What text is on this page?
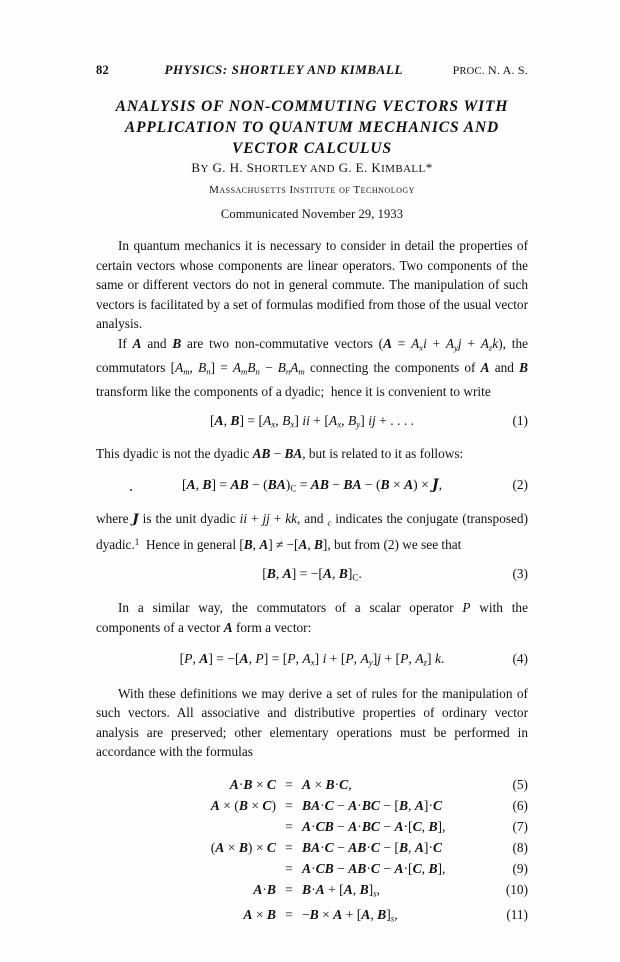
82	PHYSICS: SHORTLEY AND KIMBALL	PROC. N. A. S.
ANALYSIS OF NON-COMMUTING VECTORS WITH
APPLICATION TO QUANTUM MECHANICS AND
VECTOR CALCULUS
BY G. H. SHORTLEY AND G. E. KIMBALL*
Massachusetts Institute of Technology
Communicated November 29, 1933

In quantum mechanics it is necessary to consider in detail the properties of certain vectors whose components are linear operators. Two components of the same or different vectors do not in general commute. The manipulation of such vectors is facilitated by a set of formulas modified from those of the usual vector analysis.

If A and B are two non-commutative vectors $(A = A_xi + A_yj + A_zk)$, the commutators [$A_m$, $B_n] = A_mB_n - B_nA_m$ connecting the components of A and B transform like the components of a dyadic;  hence it is convenient to write

[A, $B] = [A_x$, $B_x$] ii + [$A_x$, $B_y$] ij + . . . .	(1)

This dyadic is not the dyadic AB − BA, but is related to it as follows:

[A, B] = AB − $(BA)_C$ = AB − BA − (B × A) × J,	(2)

where J is the unit dyadic ii + jj + kk, and $_c$ indicates the conjugate (transposed) dyadic.$^1$  Hence in general [B, A] ≠ −[A, B], but from (2) we see that

[B, A] = −[A, $B]_C$.	(3)

In a similar way, the commutators of a scalar operator P with the components of a vector A form a vector:

[P, A] = −[A, P] = [P, $A_x$] i + [P, $A_y]j + [P$, $A_z$] k.	(4)

With these definitions we may derive a set of rules for the manipulation of such vectors. All associative and distributive properties of ordinary vector analysis are preserved; other elementary operations must be performed in accordance with the formulas

A·B × C = A × B·C,	(5)
A × (B × C) = BA·C − A·BC − [B, A]·C	(6)
= A·CB − A·BC − A·[C, B],	(7)
(A × B) × C = BA·C − AB·C − [B, A]·C	(8)
= A·CB − AB·C − A·[C, B],	(9)
A·B = B·A + [A, $B]_s$,	(10)
A × B = −B × A + [A, $B]_s$,	(11)
